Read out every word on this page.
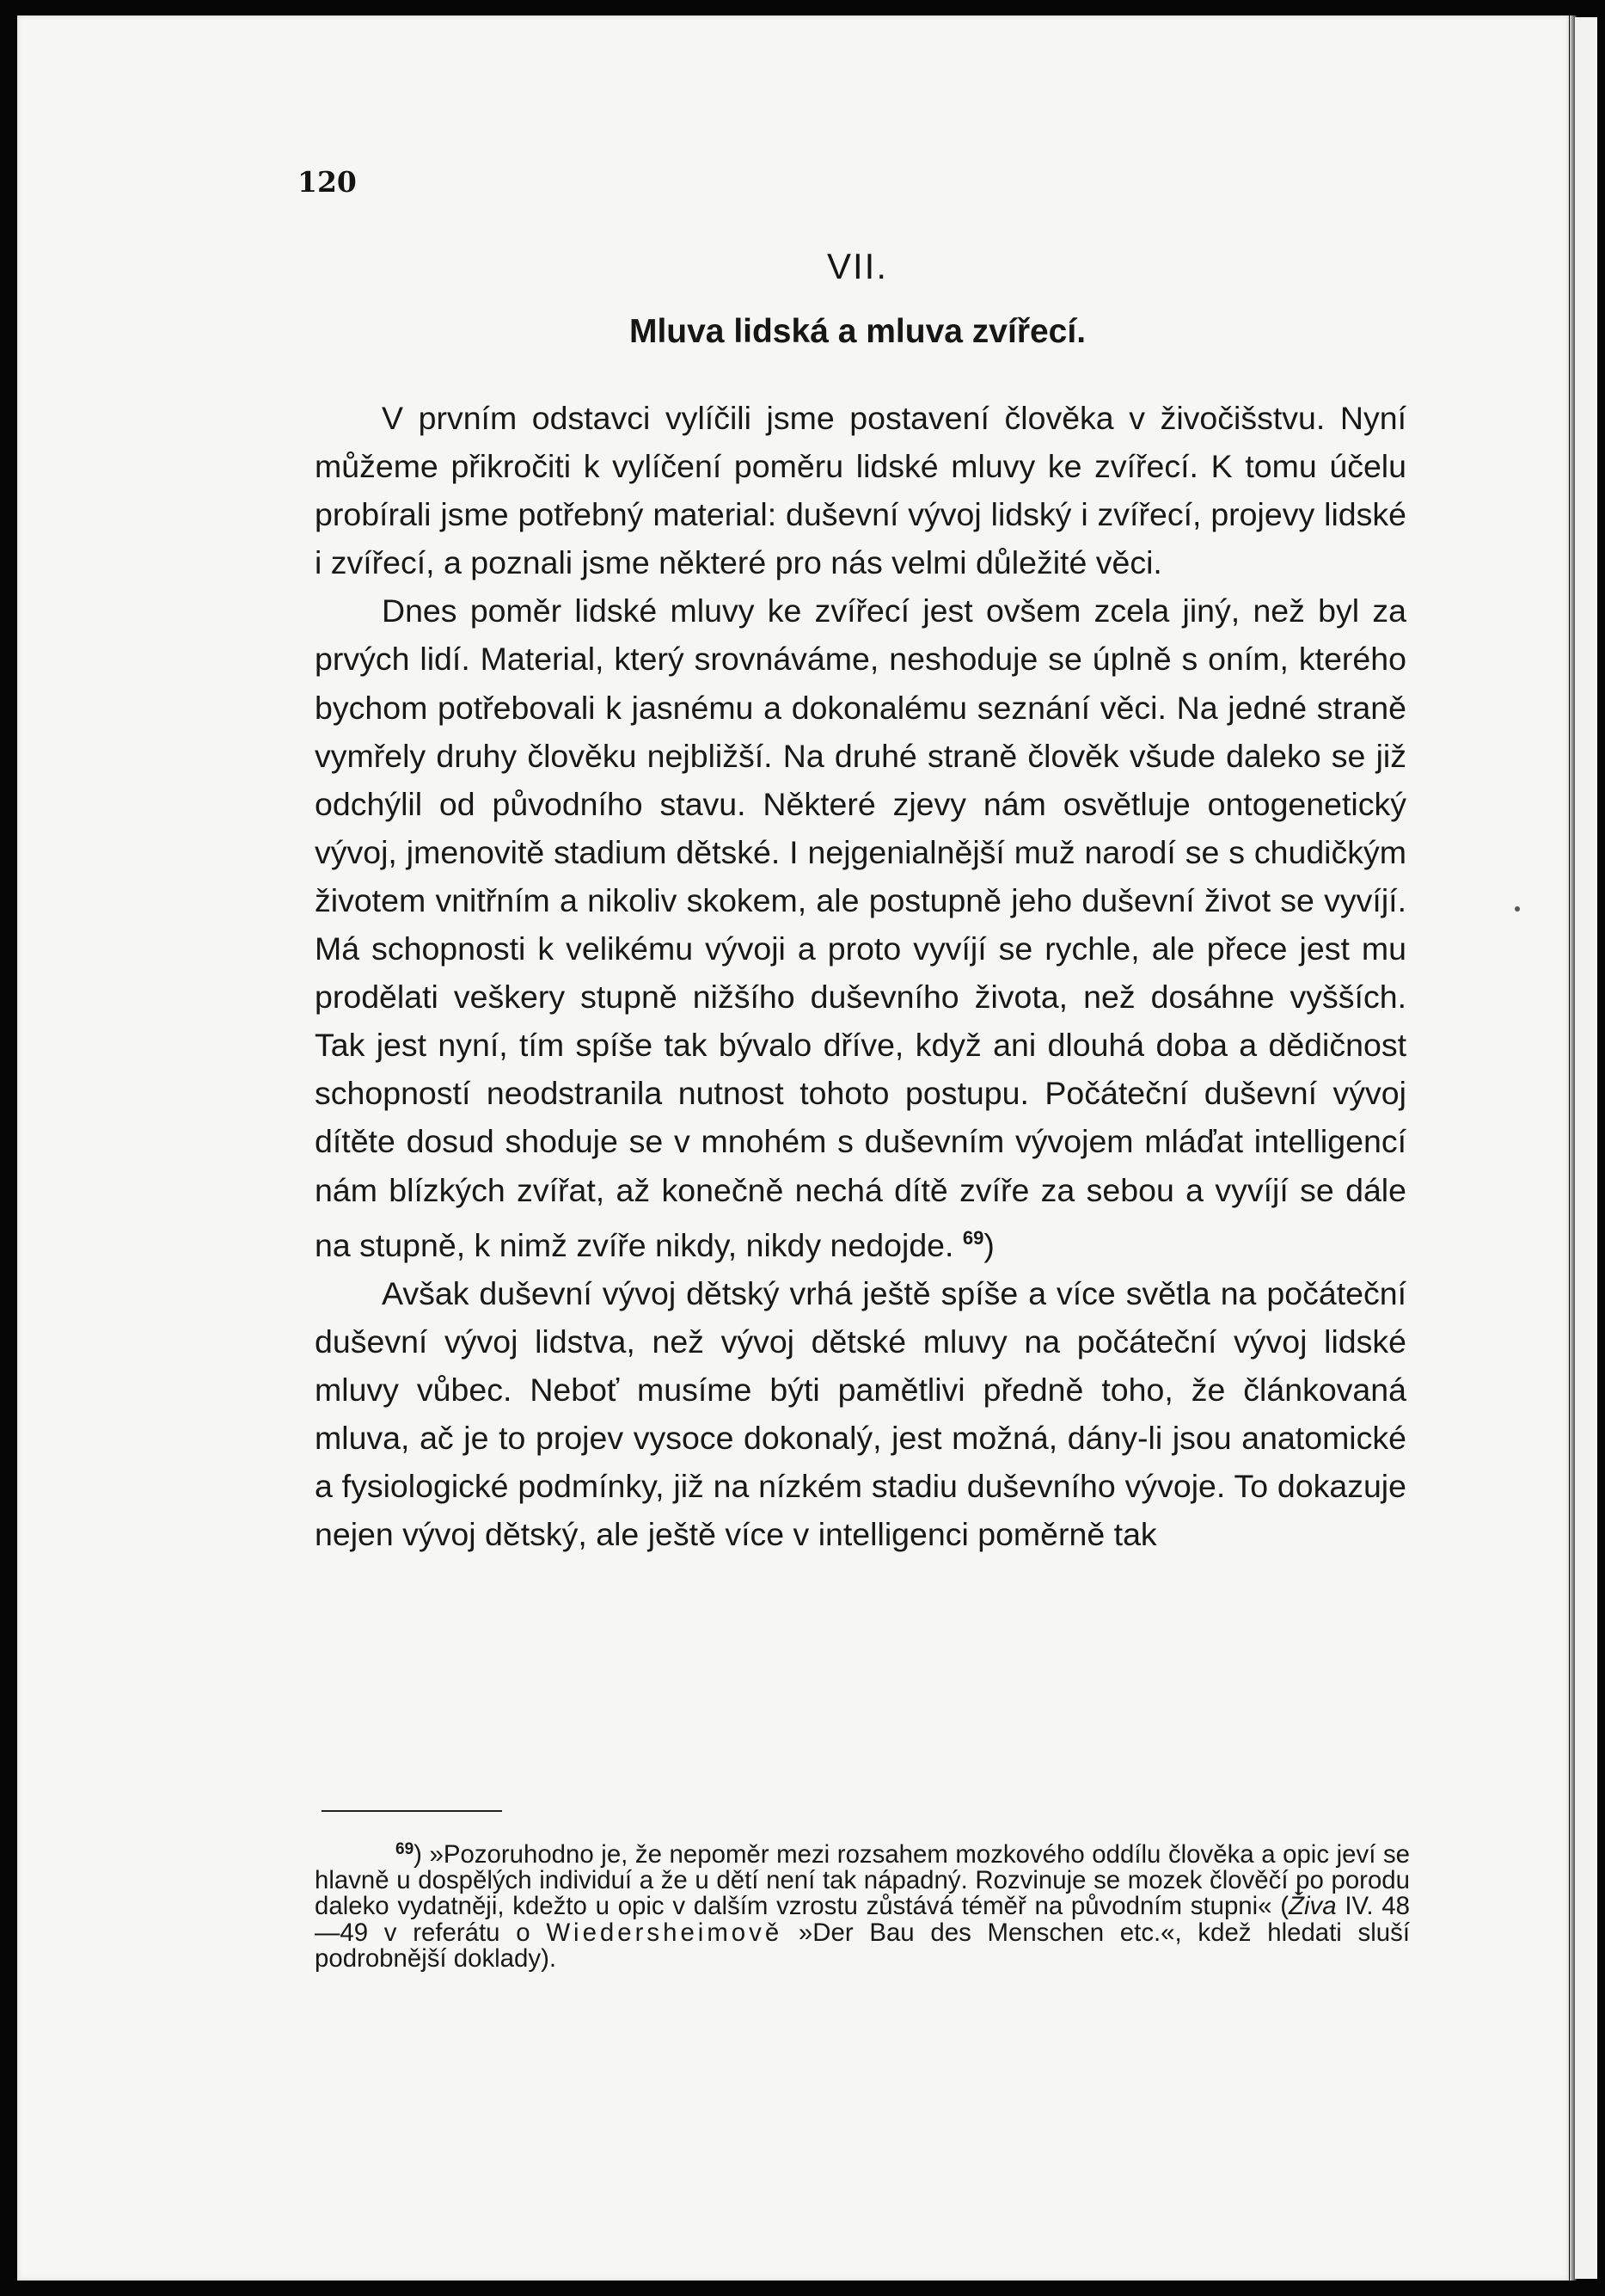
120
VII.
Mluva lidská a mluva zvířecí.

V prvním odstavci vylíčili jsme postavení člověka v živočišstvu. Nyní můžeme přikročiti k vylíčení poměru lidské mluvy ke zvířecí. K tomu účelu probírali jsme potřebný material: duševní vývoj lidský i zvířecí, projevy lidské i zvířecí, a poznali jsme některé pro nás velmi důležité věci.

Dnes poměr lidské mluvy ke zvířecí jest ovšem zcela jiný, než byl za prvých lidí. Material, který srovnáváme, neshoduje se úplně s oním, kterého bychom potřebovali k jasnému a dokonalému seznání věci. Na jedné straně vymřely druhy člověku nejbližší. Na druhé straně člověk všude daleko se již odchýlil od původního stavu. Některé zjevy nám osvětluje ontogenetický vývoj, jmenovitě stadium dětské. I nejgenialnější muž narodí se s chudičkým životem vnitřním a nikoliv skokem, ale postupně jeho duševní život se vyvíjí. Má schopnosti k velikému vývoji a proto vyvíjí se rychle, ale přece jest mu prodělati veškery stupně nižšího duševního života, než dosáhne vyšších. Tak jest nyní, tím spíše tak bývalo dříve, když ani dlouhá doba a dědičnost schopností neodstranila nutnost tohoto postupu. Počáteční duševní vývoj dítěte dosud shoduje se v mnohém s duševním vývojem mláďat intelligencí nám blízkých zvířat, až konečně nechá dítě zvíře za sebou a vyvíjí se dále na stupně, k nimž zvíře nikdy, nikdy nedojde. $^{69}$)

Avšak duševní vývoj dětský vrhá ještě spíše a více světla na počáteční duševní vývoj lidstva, než vývoj dětské mluvy na počáteční vývoj lidské mluvy vůbec. Neboť musíme býti pamětlivi předně toho, že článkovaná mluva, ač je to projev vysoce dokonalý, jest možná, dány-li jsou anatomické a fysiologické podmínky, již na nízkém stadiu duševního vývoje. To dokazuje nejen vývoj dětský, ale ještě více v intelligenci poměrně tak

$^{69}$) »Pozoruhodno je, že nepoměr mezi rozsahem mozkového oddílu člověka a opic jeví se hlavně u dospělých individuí a že u dětí není tak nápadný. Rozvinuje se mozek člověčí po porodu daleko vydatněji, kdežto u opic v dalším vzrostu zůstává téměř na původním stupni« (Živa IV. 48—49 v referátu o Wiedersheimově »Der Bau des Menschen etc.«, kdež hledati sluší podrobnější doklady).
